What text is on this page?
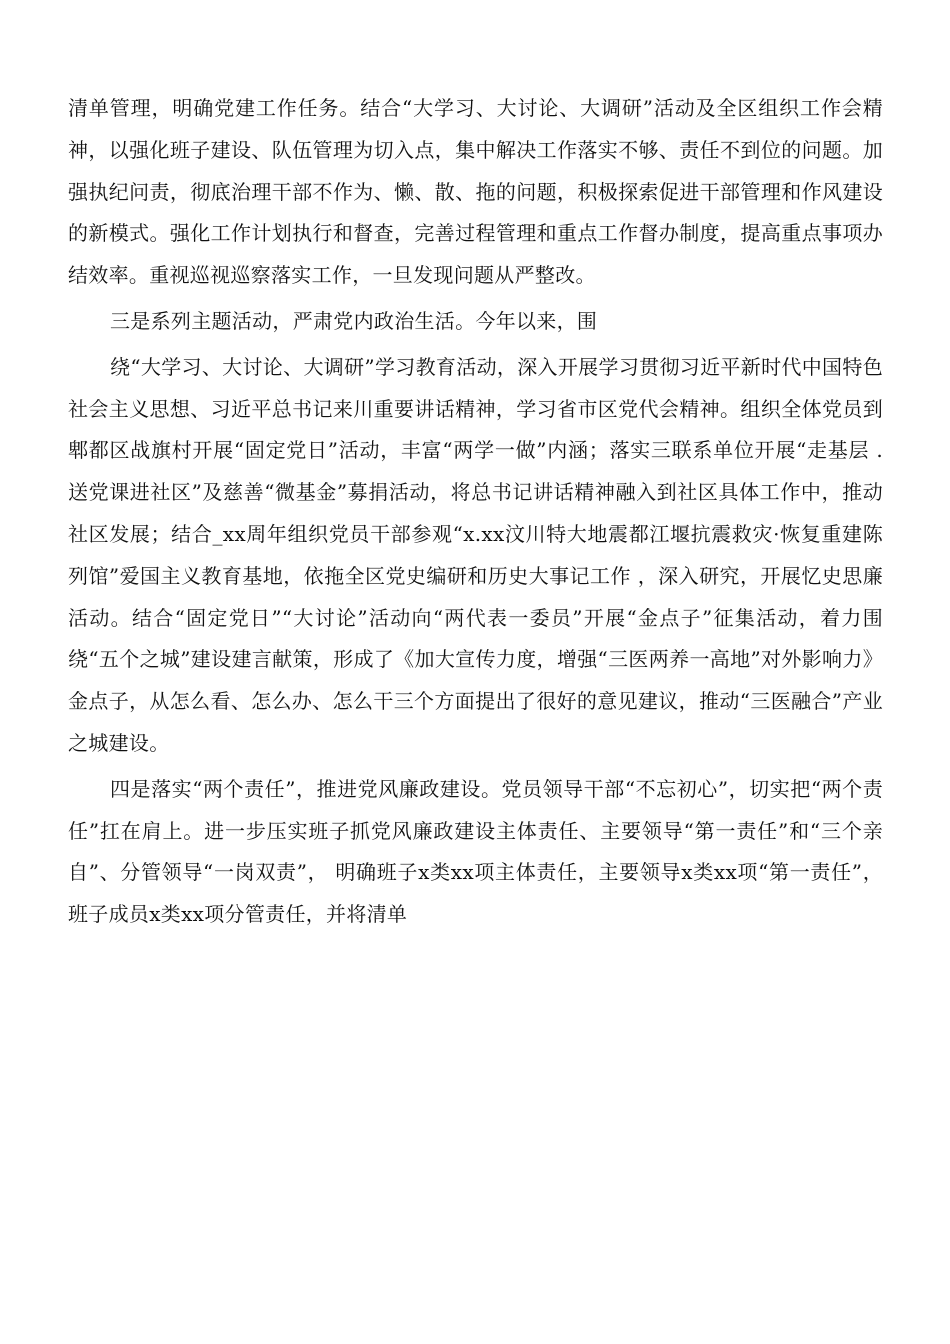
清单管理，明确党建工作任务。结合“大学习、大讨论、大调研”活动及全区组织工作会精神，以强化班子建设、队伍管理为切入点，集中解决工作落实不够、责任不到位的问题。加强执纪问责，彻底治理干部不作为、懒、散、拖的问题，积极探索促进干部管理和作风建设的新模式。强化工作计划执行和督查，完善过程管理和重点工作督办制度，提高重点事项办结效率。重视巡视巡察落实工作，一旦发现问题从严整改。

三是系列主题活动，严肃党内政治生活。今年以来，围

绕“大学习、大讨论、大调研”学习教育活动，深入开展学习贯彻习近平新时代中国特色社会主义思想、习近平总书记来川重要讲话精神，学习省市区党代会精神。组织全体党员到郫都区战旗村开展“固定党日”活动，丰富“两学一做”内涵；落实三联系单位开展“走基层 . 送党课进社区”及慈善“微基金”募捐活动，将总书记讲话精神融入到社区具体工作中，推动社区发展；结合_xx周年组织党员干部参观“x.xx汶川特大地震都江堰抗震救灾·恢复重建陈列馆”爱国主义教育基地，依拖全区党史编研和历史大事记工作 ，深入研究，开展忆史思廉活动。结合“固定党日”“大讨论”活动向“两代表一委员”开展“金点子”征集活动，着力围绕“五个之城”建设建言献策，形成了《加大宣传力度，增强“三医两养一高地”对外影响力》金点子，从怎么看、怎么办、怎么干三个方面提出了很好的意见建议，推动“三医融合”产业之城建设。

四是落实“两个责任”，推进党风廉政建设。党员领导干部“不忘初心”，切实把“两个责任”扛在肩上。进一步压实班子抓党风廉政建设主体责任、主要领导“第一责任”和“三个亲自”、分管领导“一岗双责”， 明确班子x类xx项主体责任，主要领导x类xx项“第一责任”，班子成员x类xx项分管责任，并将清单
